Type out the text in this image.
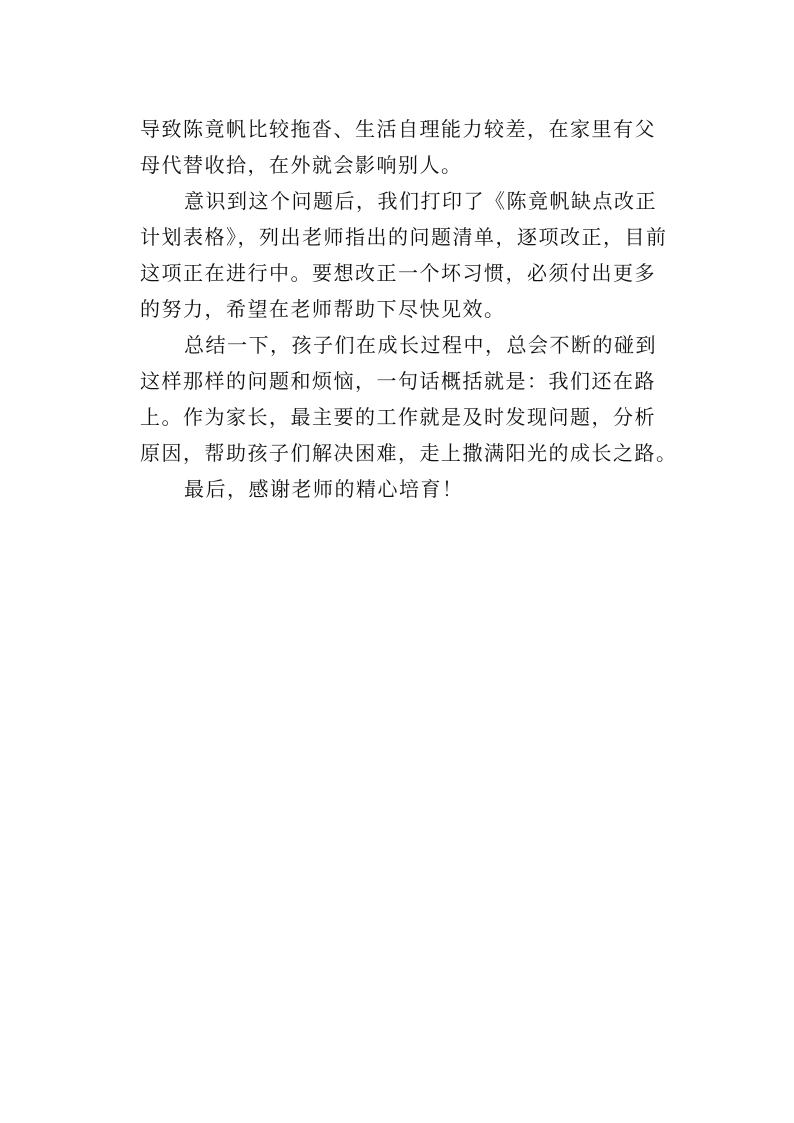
导致陈竟帆比较拖沓、生活自理能力较差，在家里有父
母代替收拾，在外就会影响别人。
意识到这个问题后，我们打印了《陈竟帆缺点改正
计划表格》，列出老师指出的问题清单，逐项改正，目前
这项正在进行中。要想改正一个坏习惯，必须付出更多
的努力，希望在老师帮助下尽快见效。
总结一下，孩子们在成长过程中，总会不断的碰到
这样那样的问题和烦恼，一句话概括就是：我们还在路
上。作为家长，最主要的工作就是及时发现问题，分析
原因，帮助孩子们解决困难，走上撒满阳光的成长之路。
最后，感谢老师的精心培育！
